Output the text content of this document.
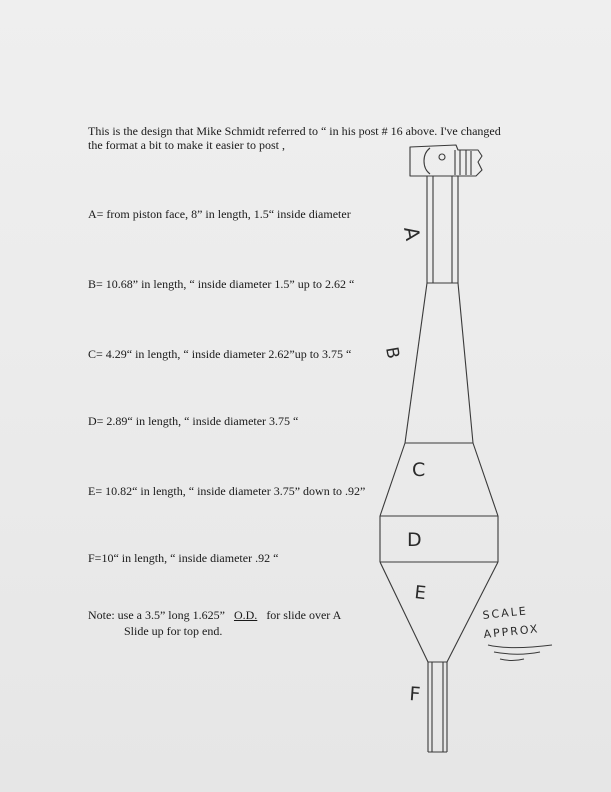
This is the design that Mike Schmidt referred to “ in his post # 16 above. I've changed
the format a bit to make it easier to post ,
A= from piston face, 8” in length, 1.5“ inside diameter
B= 10.68” in length, “ inside diameter 1.5” up to 2.62 “
C= 4.29“ in length, “ inside diameter 2.62”up to 3.75 “
D= 2.89“ in length, “ inside diameter 3.75 “
E= 10.82“ in length, “ inside diameter 3.75” down to .92”
F=10“ in length, “ inside diameter .92 “
Note: use a 3.5” long 1.625” O.D. for slide over A
Slide up for top end.
A
B
C
D
E
F
SCALE
APPROX
